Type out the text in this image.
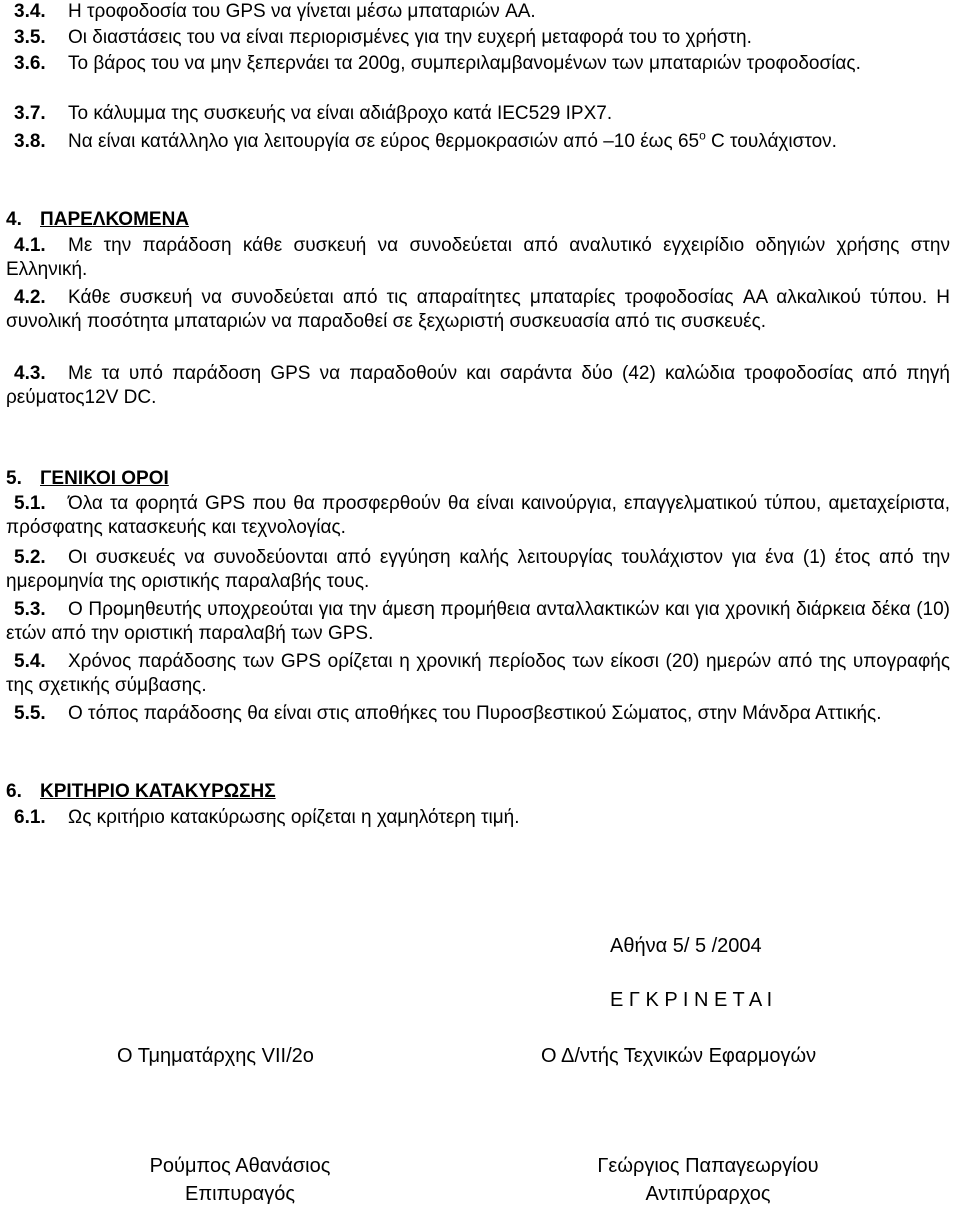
3.4. Η τροφοδοσία του GPS να γίνεται μέσω μπαταριών AA.
3.5. Οι διαστάσεις του να είναι περιορισμένες για την ευχερή μεταφορά του το χρήστη.
3.6. Το βάρος του να μην ξεπερνάει τα 200g, συμπεριλαμβανομένων των μπαταριών τροφοδοσίας.
3.7. Το κάλυμμα της συσκευής να είναι αδιάβροχο κατά IEC529 IPX7.
3.8. Να είναι κατάλληλο για λειτουργία σε εύρος θερμοκρασιών από –10 έως $65^o$ C τουλάχιστον.
4. ΠΑΡΕΛΚΟΜΕΝΑ
4.1. Με την παράδοση κάθε συσκευή να συνοδεύεται από αναλυτικό εγχειρίδιο οδηγιών χρήσης στην Ελληνική.
4.2. Κάθε συσκευή να συνοδεύεται από τις απαραίτητες μπαταρίες τροφοδοσίας AA αλκαλικού τύπου. Η συνολική ποσότητα μπαταριών να παραδοθεί σε ξεχωριστή συσκευασία από τις συσκευές.
4.3. Με τα υπό παράδοση GPS να παραδοθούν και σαράντα δύο (42) καλώδια τροφοδοσίας από πηγή ρεύματος12V DC.
5. ΓΕΝΙΚΟΙ ΟΡΟΙ
5.1. Όλα τα φορητά GPS που θα προσφερθούν θα είναι καινούργια, επαγγελματικού τύπου, αμεταχείριστα, πρόσφατης κατασκευής και τεχνολογίας.
5.2. Οι συσκευές να συνοδεύονται από εγγύηση καλής λειτουργίας τουλάχιστον για ένα (1) έτος από την ημερομηνία της οριστικής παραλαβής τους.
5.3. Ο Προμηθευτής υποχρεούται για την άμεση προμήθεια ανταλλακτικών και για χρονική διάρκεια δέκα (10) ετών από την οριστική παραλαβή των GPS.
5.4. Χρόνος παράδοσης των GPS ορίζεται η χρονική περίοδος των είκοσι (20) ημερών από της υπογραφής της σχετικής σύμβασης.
5.5. Ο τόπος παράδοσης θα είναι στις αποθήκες του Πυροσβεστικού Σώματος, στην Μάνδρα Αττικής.
6. ΚΡΙΤΗΡΙΟ ΚΑΤΑΚΥΡΩΣΗΣ
6.1. Ως κριτήριο κατακύρωσης ορίζεται η χαμηλότερη τιμή.
Αθήνα 5/ 5 /2004
Ε Γ Κ Ρ Ι Ν Ε Τ Α Ι
Ο Τμηματάρχης VII/2ο	Ο Δ/ντής Τεχνικών Εφαρμογών
Ρούμπος Αθανάσιος
Επιπυραγός
Γεώργιος Παπαγεωργίου
Αντιπύραρχος
